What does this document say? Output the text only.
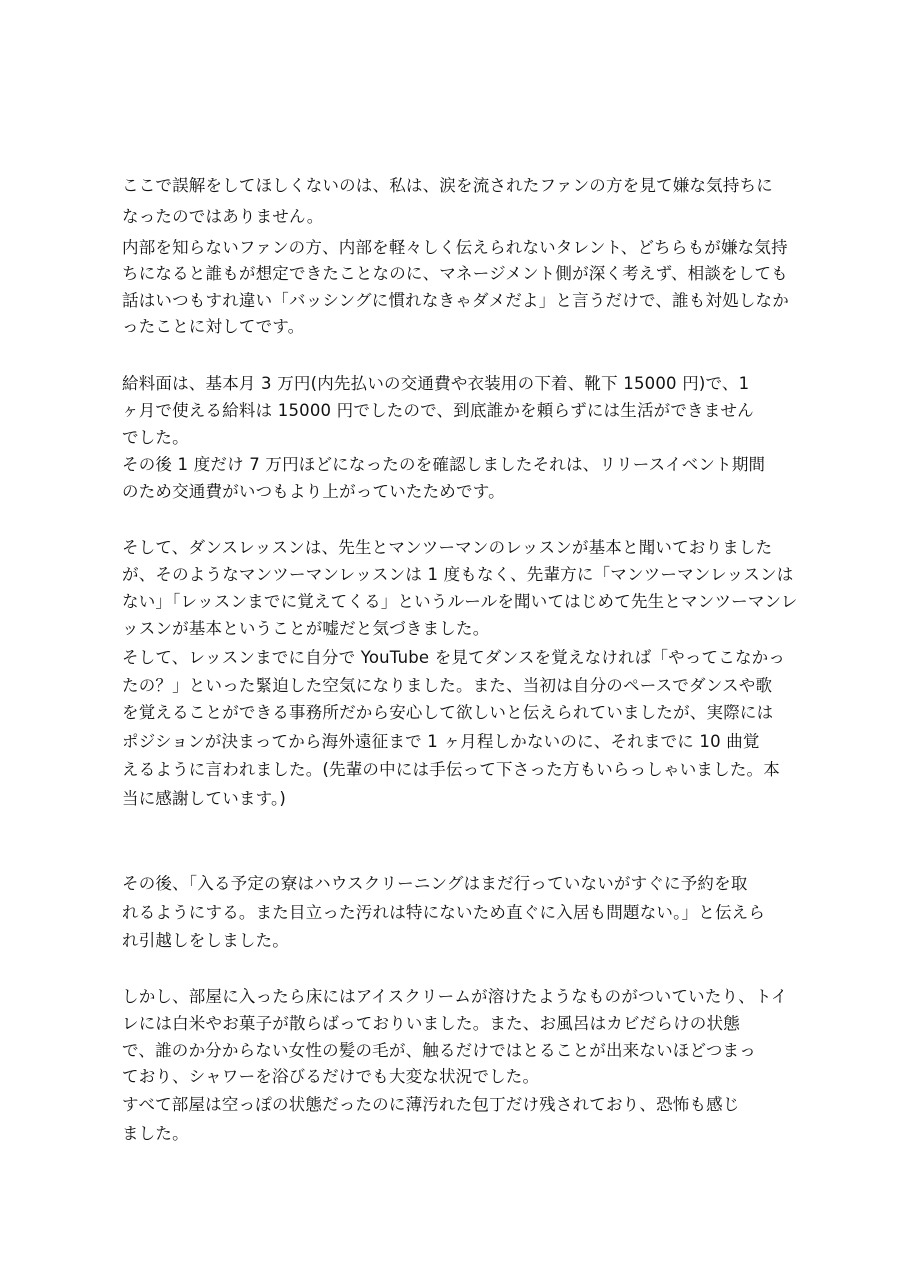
ここで誤解をしてほしくないのは、私は、涙を流されたファンの方を見て嫌な気持ちに
なったのではありません。
内部を知らないファンの方、内部を軽々しく伝えられないタレント、どちらもが嫌な気持
ちになると誰もが想定できたことなのに、マネージメント側が深く考えず、相談をしても
話はいつもすれ違い「バッシングに慣れなきゃダメだよ」と言うだけで、誰も対処しなか
ったことに対してです。
給料面は、基本月 3 万円(内先払いの交通費や衣装用の下着、靴下 15000 円)で、1
ヶ月で使える給料は 15000 円でしたので、到底誰かを頼らずには生活ができません
でした。
その後 1 度だけ 7 万円ほどになったのを確認しましたそれは、リリースイベント期間
のため交通費がいつもより上がっていたためです。
そして、ダンスレッスンは、先生とマンツーマンのレッスンが基本と聞いておりました
が、そのようなマンツーマンレッスンは 1 度もなく、先輩方に「マンツーマンレッスンは
ない」「レッスンまでに覚えてくる」というルールを聞いてはじめて先生とマンツーマンレ
ッスンが基本ということが嘘だと気づきました。
そして、レッスンまでに自分で YouTube を見てダンスを覚えなければ「やってこなかっ
たの？」といった緊迫した空気になりました。また、当初は自分のペースでダンスや歌
を覚えることができる事務所だから安心して欲しいと伝えられていましたが、実際には
ポジションが決まってから海外遠征まで 1 ヶ月程しかないのに、それまでに 10 曲覚
えるように言われました。(先輩の中には手伝って下さった方もいらっしゃいました。本
当に感謝しています。)
その後、「入る予定の寮はハウスクリーニングはまだ行っていないがすぐに予約を取
れるようにする。また目立った汚れは特にないため直ぐに入居も問題ない。」と伝えら
れ引越しをしました。
しかし、部屋に入ったら床にはアイスクリームが溶けたようなものがついていたり、トイ
レには白米やお菓子が散らばっておりいました。また、お風呂はカビだらけの状態
で、誰のか分からない女性の髪の毛が、触るだけではとることが出来ないほどつまっ
ており、シャワーを浴びるだけでも大変な状況でした。
すべて部屋は空っぽの状態だったのに薄汚れた包丁だけ残されており、恐怖も感じ
ました。
